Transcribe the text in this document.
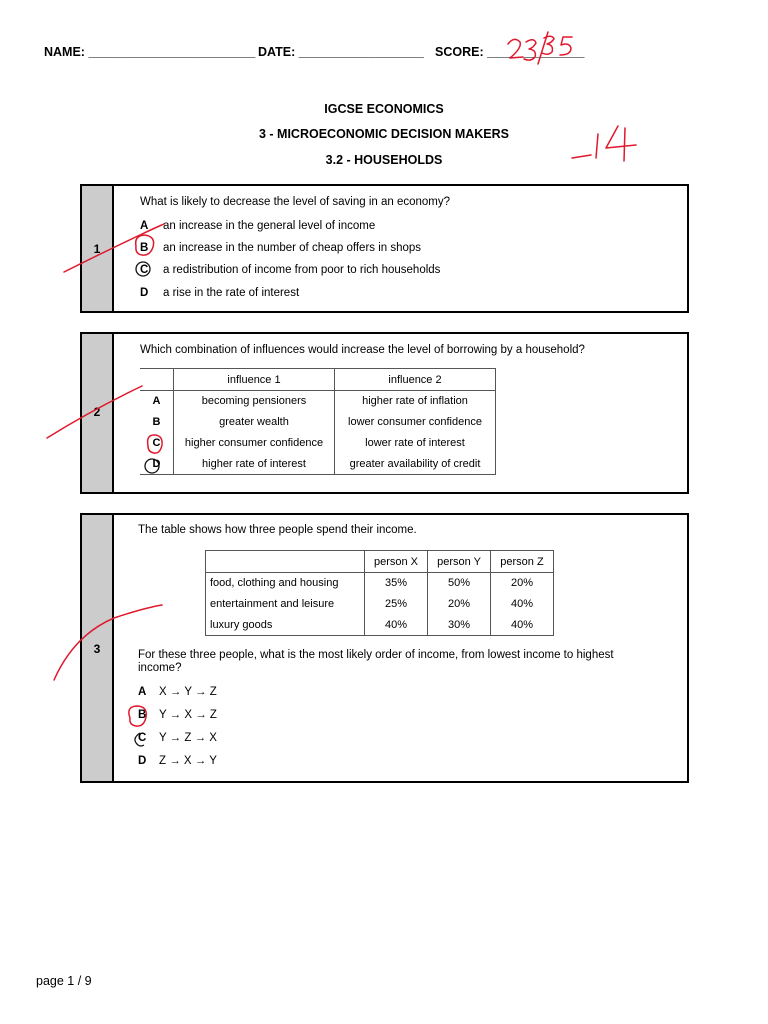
NAME: ________________________ DATE: __________________ SCORE: ______________
IGCSE ECONOMICS
3 - MICROECONOMIC DECISION MAKERS
3.2 - HOUSEHOLDS
1
What is likely to decrease the level of saving in an economy?
A an increase in the general level of income
B an increase in the number of cheap offers in shops
C a redistribution of income from poor to rich households
D a rise in the rate of interest
2
Which combination of influences would increase the level of borrowing by a household?
	influence 1	influence 2
A	becoming pensioners	higher rate of inflation
B	greater wealth	lower consumer confidence
C	higher consumer confidence	lower rate of interest
D	higher rate of interest	greater availability of credit
3
The table shows how three people spend their income.
	person X	person Y	person Z
food, clothing and housing	35%	50%	20%
entertainment and leisure	25%	20%	40%
luxury goods	40%	30%	40%
For these three people, what is the most likely order of income, from lowest income to highest
income?
A X → Y → Z
B Y → X → Z
C Y → Z → X
D Z → X → Y
page 1 / 9
